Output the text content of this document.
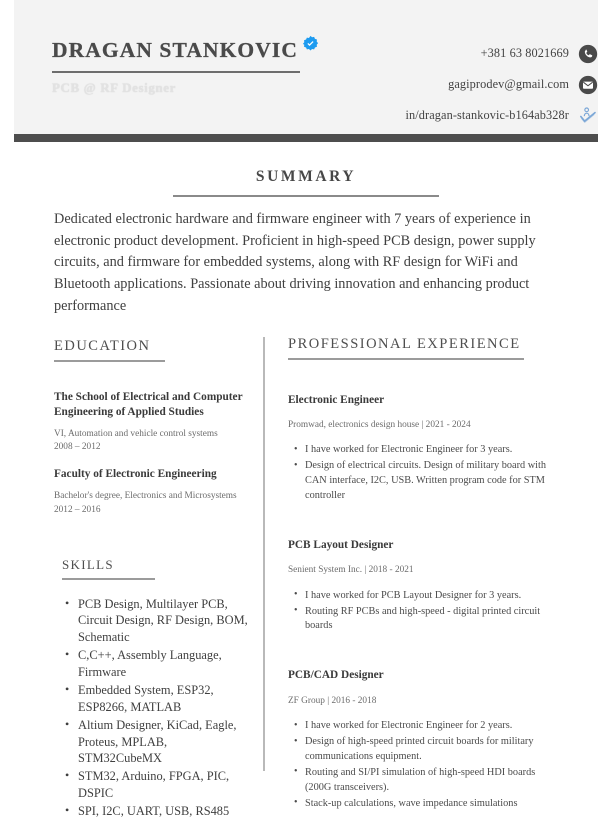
DRAGAN STANKOVIC
PCB @ RF Designer
+381 63 8021669
gagiprodev@gmail.com
in/dragan-stankovic-b164ab328r
SUMMARY
Dedicated electronic hardware and firmware engineer with 7 years of experience in electronic product development. Proficient in high-speed PCB design, power supply circuits, and firmware for embedded systems, along with RF design for WiFi and Bluetooth applications. Passionate about driving innovation and enhancing product performance
EDUCATION
The School of Electrical and Computer Engineering of Applied Studies
VI, Automation and vehicle control systems
2008 – 2012
Faculty of Electronic Engineering
Bachelor's degree, Electronics and Microsystems
2012 – 2016
SKILLS
• PCB Design, Multilayer PCB, Circuit Design, RF Design, BOM, Schematic
• C,C++, Assembly Language, Firmware
• Embedded System, ESP32, ESP8266, MATLAB
• Altium Designer, KiCad, Eagle, Proteus, MPLAB, STM32CubeMX
• STM32, Arduino, FPGA, PIC, DSPIC
• SPI, I2C, UART, USB, RS485
PROFESSIONAL EXPERIENCE
Electronic Engineer
Promwad, electronics design house | 2021 - 2024
• I have worked for Electronic Engineer for 3 years.
• Design of electrical circuits. Design of military board with CAN interface, I2C, USB. Written program code for STM controller
PCB Layout Designer
Senient System Inc. | 2018 - 2021
• I have worked for PCB Layout Designer for 3 years.
• Routing RF PCBs and high-speed - digital printed circuit boards
PCB/CAD Designer
ZF Group | 2016 - 2018
• I have worked for Electronic Engineer for 2 years.
• Design of high-speed printed circuit boards for military communications equipment.
• Routing and SI/PI simulation of high-speed HDI boards (200G transceivers).
• Stack-up calculations, wave impedance simulations
